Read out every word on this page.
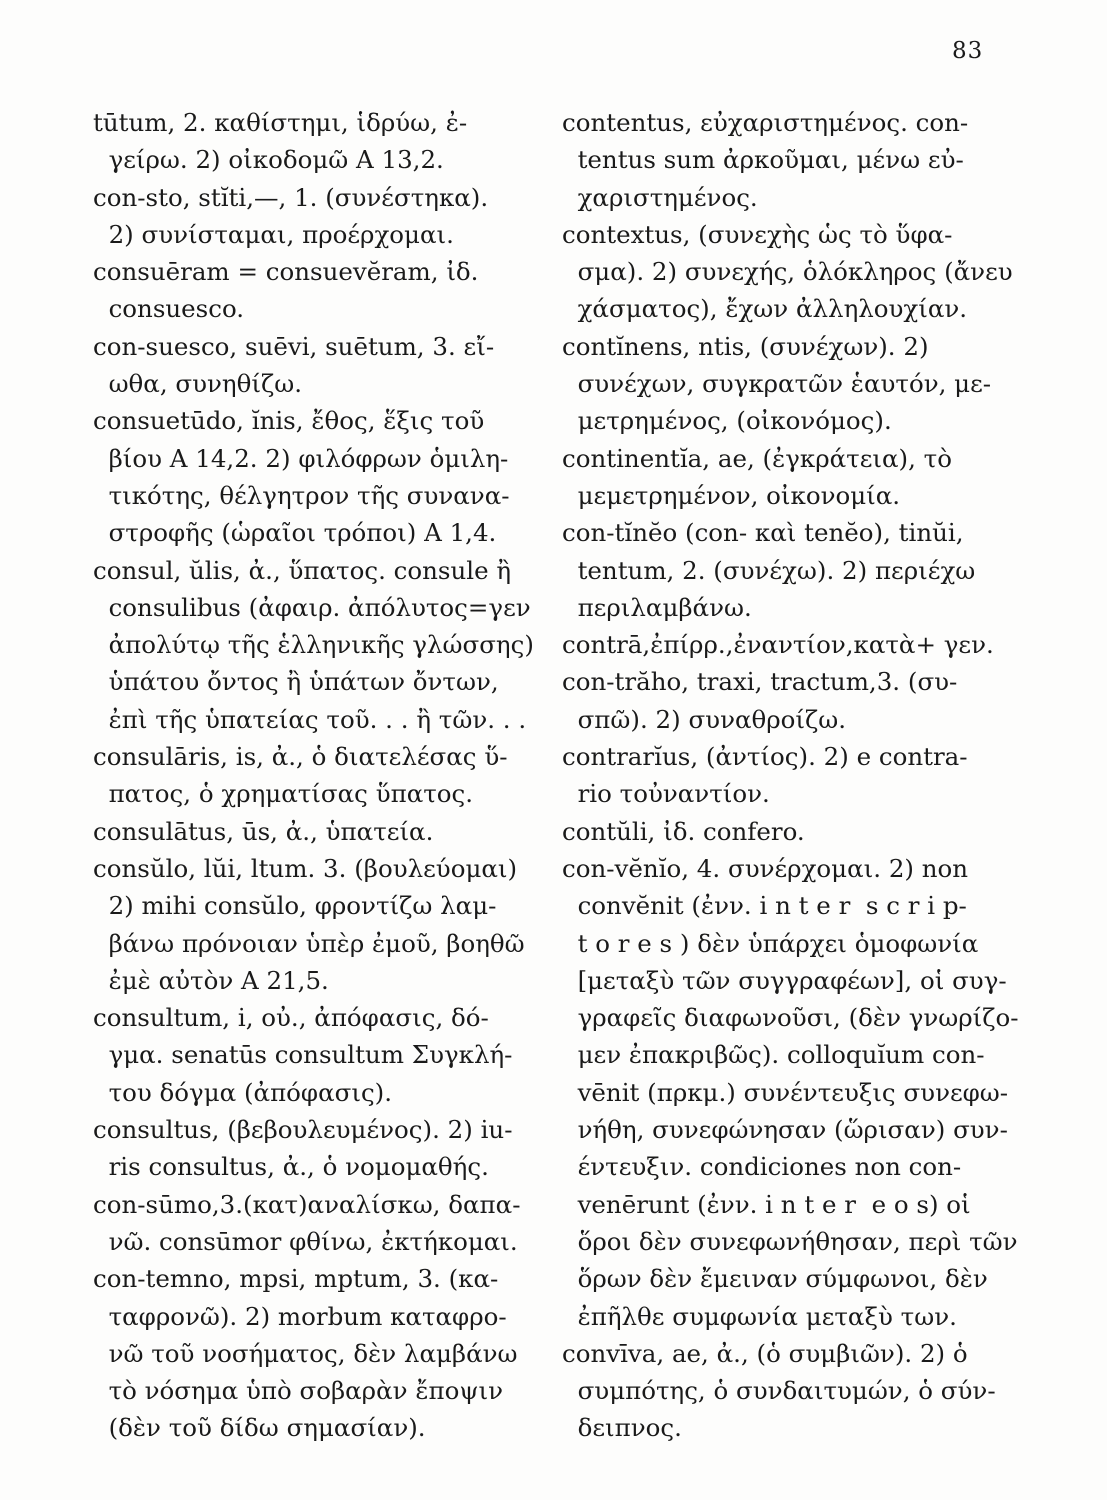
83
tūtum, 2. καθίστημι, ἱδρύω, ἐ-
γείρω. 2) οἰκοδομῶ Α 13,2.
con-sto, stĭti,—, 1. (συνέστηκα).
2) συνίσταμαι, προέρχομαι.
consuēram = consuevĕram, ἰδ.
consuesco.
con-suesco, suēvi, suētum, 3. εἴ-
ωθα, συνηθίζω.
consuetūdo, ĭnis, ἔθος, ἕξις τοῦ
βίου Α 14,2. 2) φιλόφρων ὁμιλη-
τικότης, θέλγητρον τῆς συνανα-
στροφῆς (ὡραῖοι τρόποι) Α 1,4.
consul, ŭlis, ἀ., ὕπατος. consule ἢ
consulibus (ἀφαιρ. ἀπόλυτος=γεν
ἀπολύτῳ τῆς ἑλληνικῆς γλώσσης)
ὑπάτου ὄντος ἢ ὑπάτων ὄντων,
ἐπὶ τῆς ὑπατείας τοῦ. . . ἢ τῶν. . .
consulāris, is, ἀ., ὁ διατελέσας ὕ-
πατος, ὁ χρηματίσας ὕπατος.
consulātus, ūs, ἀ., ὑπατεία.
consŭlo, lŭi, ltum. 3. (βουλεύομαι)
2) mihi consŭlo, φροντίζω λαμ-
βάνω πρόνοιαν ὑπὲρ ἐμοῦ, βοηθῶ
ἐμὲ αὐτὸν Α 21,5.
consultum, i, οὐ., ἀπόφασις, δό-
γμα. senatūs consultum Συγκλή-
του δόγμα (ἀπόφασις).
consultus, (βεβουλευμένος). 2) iu-
ris consultus, ἀ., ὁ νομομαθής.
con-sūmo,3.(κατ)αναλίσκω, δαπα-
νῶ. consūmor φθίνω, ἐκτήκομαι.
con-temno, mpsi, mptum, 3. (κα-
ταφρονῶ). 2) morbum καταφρο-
νῶ τοῦ νοσήματος, δὲν λαμβάνω
τὸ νόσημα ὑπὸ σοβαρὰν ἔποψιν
(δὲν τοῦ δίδω σημασίαν).
contentus, εὐχαριστημένος. con-
tentus sum ἀρκοῦμαι, μένω εὐ-
χαριστημένος.
contextus, (συνεχὴς ὡς τὸ ὕφα-
σμα). 2) συνεχής, ὁλόκληρος (ἄνευ
χάσματος), ἔχων ἀλληλουχίαν.
contĭnens, ntis, (συνέχων). 2)
συνέχων, συγκρατῶν ἑαυτόν, με-
μετρημένος, (οἰκονόμος).
continentĭa, ae, (ἐγκράτεια), τὸ
μεμετρημένον, οἰκονομία.
con-tĭnĕo (con- καὶ tenĕo), tinŭi,
tentum, 2. (συνέχω). 2) περιέχω
περιλαμβάνω.
contrā,ἐπίρρ.,ἐναντίον,κατὰ+ γεν.
con-trăho, traxi, tractum,3. (συ-
σπῶ). 2) συναθροίζω.
contrarĭus, (ἀντίος). 2) e contra-
rio τοὐναντίον.
contŭli, ἰδ. confero.
con-vĕnĭo, 4. συνέρχομαι. 2) non
convĕnit (ἐνν. i n t e r  s c r i p-
t o r e s ) δὲν ὑπάρχει ὁμοφωνία
[μεταξὺ τῶν συγγραφέων], οἱ συγ-
γραφεῖς διαφωνοῦσι, (δὲν γνωρίζο-
μεν ἐπακριβῶς). colloquĭum con-
vēnit (πρκμ.) συνέντευξις συνεφω-
νήθη, συνεφώνησαν (ὥρισαν) συν-
έντευξιν. condiciones non con-
venērunt (ἐνν. i n t e r  e o s) οἱ
ὅροι δὲν συνεφωνήθησαν, περὶ τῶν
ὅρων δὲν ἔμειναν σύμφωνοι, δὲν
ἐπῆλθε συμφωνία μεταξὺ των.
convīva, ae, ἀ., (ὁ συμβιῶν). 2) ὁ
συμπότης, ὁ συνδαιτυμών, ὁ σύν-
δειπνος.
